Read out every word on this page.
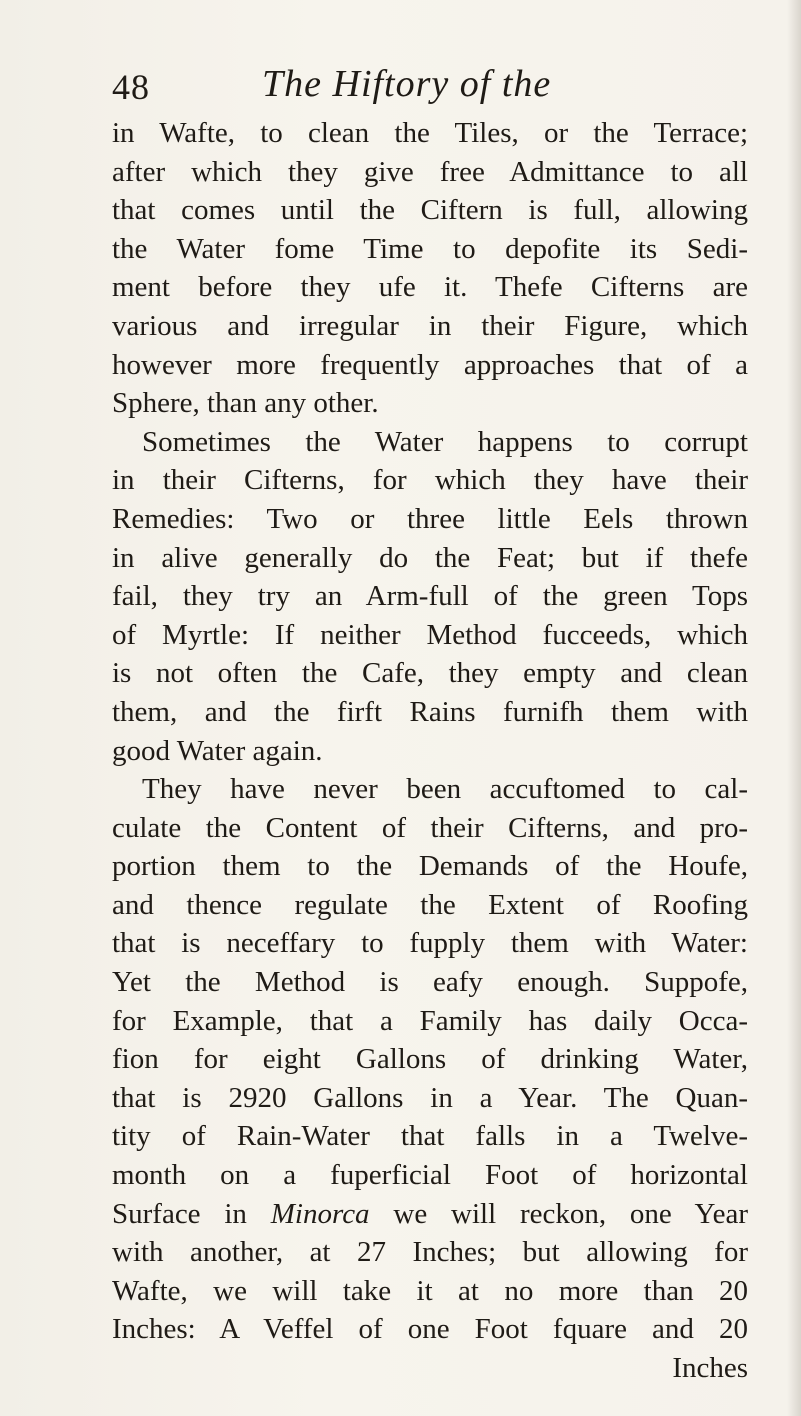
48	The Hiftory of the
in Wafte, to clean the Tiles, or the Terrace;
after which they give free Admittance to all
that comes until the Ciftern is full, allowing
the Water fome Time to depofite its Sedi-
ment before they ufe it. Thefe Cifterns are
various and irregular in their Figure, which
however more frequently approaches that of a
Sphere, than any other.
Sometimes the Water happens to corrupt
in their Cifterns, for which they have their
Remedies: Two or three little Eels thrown
in alive generally do the Feat; but if thefe
fail, they try an Arm-full of the green Tops
of Myrtle: If neither Method fucceeds, which
is not often the Cafe, they empty and clean
them, and the firft Rains furnifh them with
good Water again.
They have never been accuftomed to cal-
culate the Content of their Cifterns, and pro-
portion them to the Demands of the Houfe,
and thence regulate the Extent of Roofing
that is neceffary to fupply them with Water:
Yet the Method is eafy enough. Suppofe,
for Example, that a Family has daily Occa-
fion for eight Gallons of drinking Water,
that is 2920 Gallons in a Year. The Quan-
tity of Rain-Water that falls in a Twelve-
month on a fuperficial Foot of horizontal
Surface in Minorca we will reckon, one Year
with another, at 27 Inches; but allowing for
Wafte, we will take it at no more than 20
Inches: A Veffel of one Foot fquare and 20
Inches
